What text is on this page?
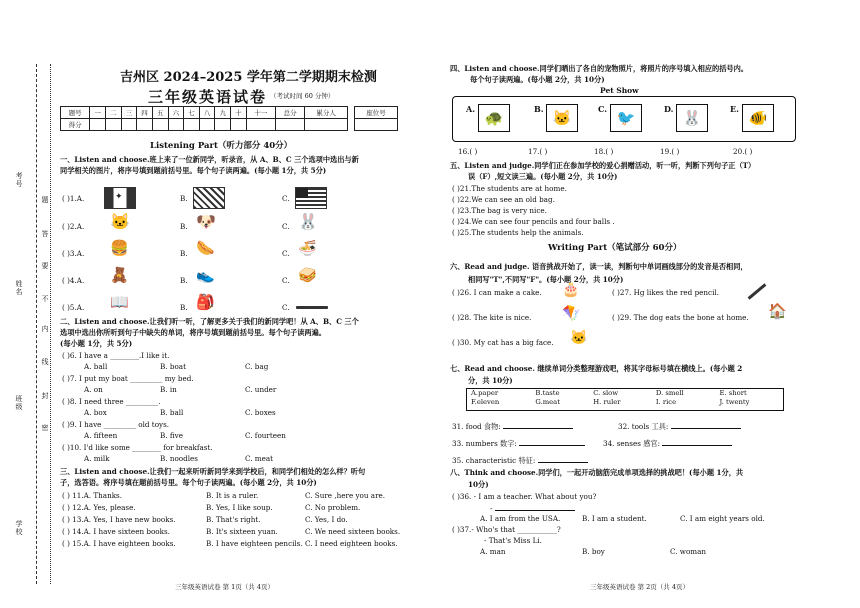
考号
姓名
班级
学校
题
答
要
不
内
线
封
密
吉州区 2024–2025 学年第二学期期末检测
三年级英语试卷 （考试时间 60 分钟）
题号	一	二	三	四	五	六	七	八	九	十	十一	总分	累分人		座位号
得分															
Listening Part（听力部分 40分）
一、Listen and choose.班上来了一位新同学，听录音，从 A、B、C 三个选项中选出与新
同学相关的图片，将序号填到题前括号里。每个句子读两遍。(每小题 1分，共 5分)
( )1.A.	✦	B.	C.
( )2.A. 🐱	B. 🐶	C. 🐰
( )3.A. 🍔	B. 🌭	C. 🍜
( )4.A. 🧸	B. 👟	C. 🥪
( )5.A. 📖	B. 🎒	C.
二、Listen and choose.让我们听一听，了解更多关于我们的新同学吧！从 A、B、C 三个
选项中选出你所听到句子中缺失的单词，将序号填到题前括号里。每个句子读两遍。
(每小题 1分，共 5分)
( )6. I have a ________.I like it.
A. ball	B. boat	C. bag
( )7. I put my boat _________ my bed.
A. on	B. in	C. under
( )8. I need three _________.
A. box	B. ball	C. boxes
( )9. I have _________ old toys.
A. fifteen	B. five	C. fourteen
( )10. I'd like some ________ for breakfast.
A. milk	B. noodles	C. meat
三、Listen and choose.让我们一起来听听新同学来到学校后，和同学们相处的怎么样？听句
子，选答语。将序号填在题前括号里。每个句子读两遍。(每小题 2分，共 10分)
( ) 11.A. Thanks.	B. It is a ruler.	C. Sure ,here you are.
( ) 12.A. Yes, please.	B. Yes, I like soup.	C. No problem.
( ) 13.A. Yes, I have new books.	B. That's right.	C. Yes, I do.
( ) 14.A. I have sixteen books.	B. It's sixteen yuan.	C. We need sixteen books.
( ) 15.A. I have eighteen books.	B. I have eighteen pencils. C. I need eighteen books.
三年级英语试卷 第 1页（共 4页）
四、Listen and choose.同学们晒出了各自的宠物照片，将照片的序号填入相应的括号内。
每个句子读两遍。(每小题 2分，共 10分)
Pet Show
A. 🐢	B. 🐱	C. 🐦	D. 🐰	E. 🐠
16.( )	17.( )	18.( )	19.( )	20.( )
五、Listen and judge.同学们正在参加学校的爱心捐赠活动，听一听，判断下列句子正（T）
误（F）,短文读三遍。(每小题 2分，共 10分)
( )21.The students are at home.
( )22.We can see an old bag.
( )23.The bag is very nice.
( )24.We can see four pencils and four balls .
( )25.The students help the animals.
Writing Part（笔试部分 60分）
六、Read and judge. 语音挑战开始了，读一读，判断句中单词画线部分的发音是否相同，
相同写"T",不同写"F"。(每小题 2分，共 10分)
( )26. I can make a cake. 🎂	( )27. Hg likes the red pencil.
( )28. The kite is nice. 🪁	( )29. The dog eats the bone at home. 🏠
( )30. My cat has a big face. 🐱
七、Read and choose. 继续单词分类整理游戏吧，将其字母标号填在横线上。(每小题 2
分，共 10分)
A.paper	B.taste	C. slow	D. smell	E. short
F.eleven	G.meat	H. ruler	I. rice	J. twenty
31. food 食物:	32. tools 工具:
33. numbers 数字:	34. senses 感官:
35. characteristic 特征:
八、Think and choose.同学们，一起开动脑筋完成单项选择的挑战吧！(每小题 1分，共
10分)
( )36. - I am a teacher. What about you?
-
A. I am from the USA.	B. I am a student.	C. I am eight years old.
( )37.- Who's that ___________?
- That's Miss Li.
A. man	B. boy	C. woman
三年级英语试卷 第 2页（共 4页）
